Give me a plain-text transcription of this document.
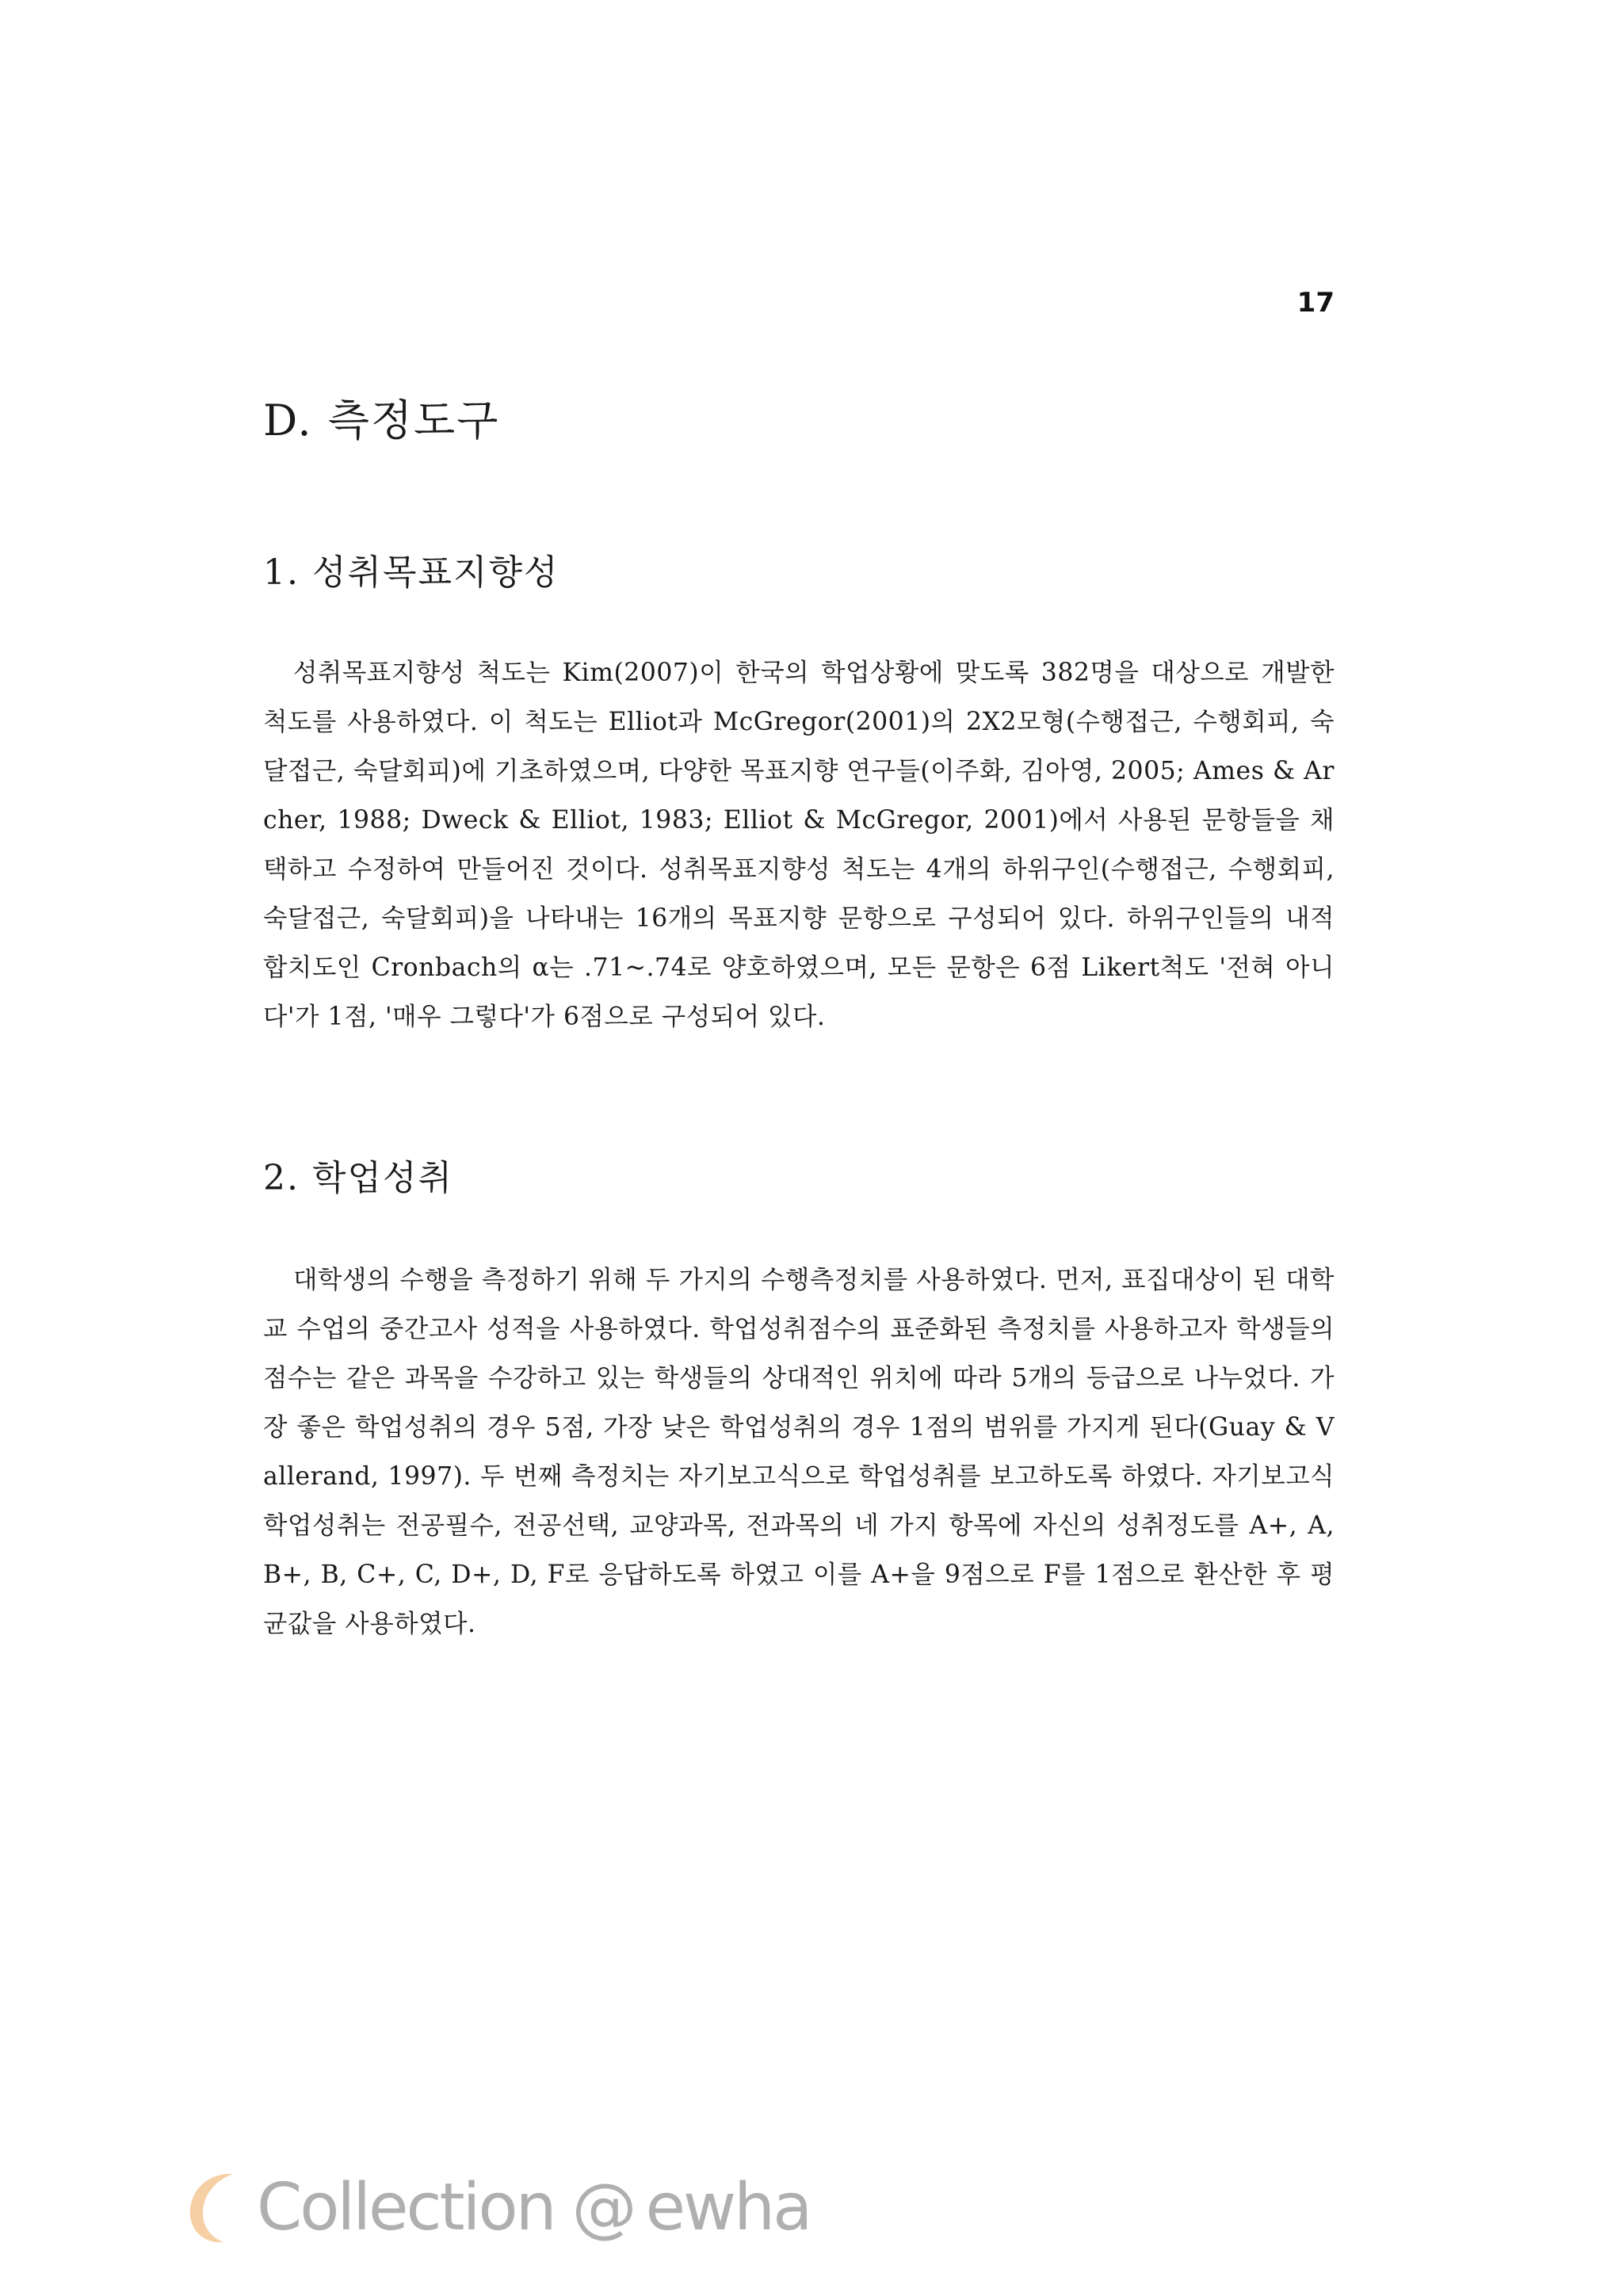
17
D. 측정도구
1. 성취목표지향성

성취목표지향성 척도는 Kim(2007)이 한국의 학업상황에 맞도록 382명을 대상으로 개발한 척도를 사용하였다. 이 척도는 Elliot과 McGregor(2001)의 2X2모형(수행접근, 수행회피, 숙달접근, 숙달회피)에 기초하였으며, 다양한 목표지향 연구들(이주화, 김아영, 2005; Ames & Archer, 1988; Dweck & Elliot, 1983; Elliot & McGregor, 2001)에서 사용된 문항들을 채택하고 수정하여 만들어진 것이다. 성취목표지향성 척도는 4개의 하위구인(수행접근, 수행회피, 숙달접근, 숙달회피)을 나타내는 16개의 목표지향 문항으로 구성되어 있다. 하위구인들의 내적 합치도인 Cronbach의 α는 .71~.74로 양호하였으며, 모든 문항은 6점 Likert척도 '전혀 아니다'가 1점, '매우 그렇다'가 6점으로 구성되어 있다.

2. 학업성취

대학생의 수행을 측정하기 위해 두 가지의 수행측정치를 사용하였다. 먼저, 표집대상이 된 대학교 수업의 중간고사 성적을 사용하였다. 학업성취점수의 표준화된 측정치를 사용하고자 학생들의 점수는 같은 과목을 수강하고 있는 학생들의 상대적인 위치에 따라 5개의 등급으로 나누었다. 가장 좋은 학업성취의 경우 5점, 가장 낮은 학업성취의 경우 1점의 범위를 가지게 된다(Guay & Vallerand, 1997). 두 번째 측정치는 자기보고식으로 학업성취를 보고하도록 하였다. 자기보고식 학업성취는 전공필수, 전공선택, 교양과목, 전과목의 네 가지 항목에 자신의 성취정도를 A+, A, B+, B, C+, C, D+, D, F로 응답하도록 하였고 이를 A+을 9점으로 F를 1점으로 환산한 후 평균값을 사용하였다.

d Collection @ ewha
